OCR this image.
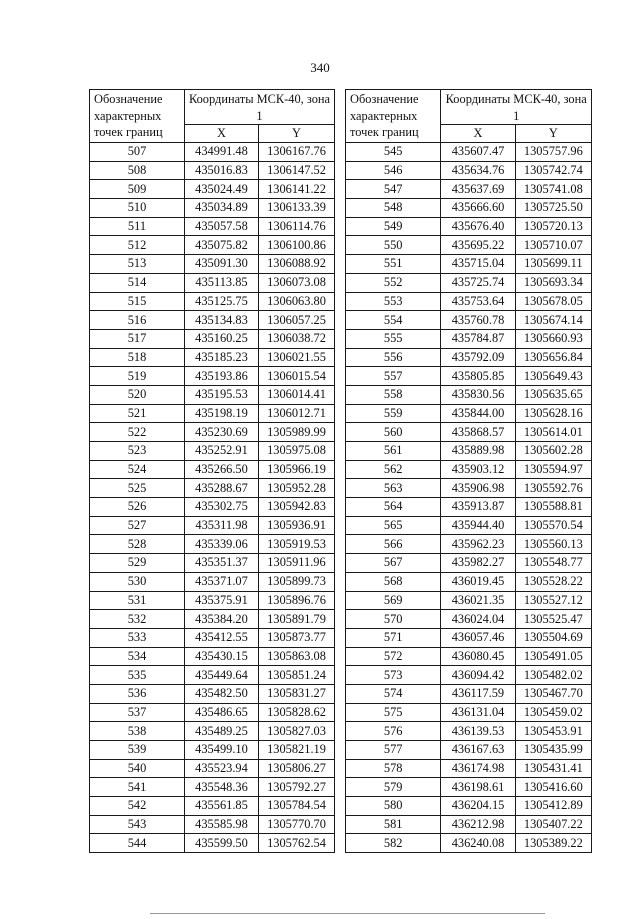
340
Обозначение характерных точек границ	Координаты МСК-40, зона 1	
	X	Y
507	434991.48	1306167.76
508	435016.83	1306147.52
509	435024.49	1306141.22
510	435034.89	1306133.39
511	435057.58	1306114.76
512	435075.82	1306100.86
513	435091.30	1306088.92
514	435113.85	1306073.08
515	435125.75	1306063.80
516	435134.83	1306057.25
517	435160.25	1306038.72
518	435185.23	1306021.55
519	435193.86	1306015.54
520	435195.53	1306014.41
521	435198.19	1306012.71
522	435230.69	1305989.99
523	435252.91	1305975.08
524	435266.50	1305966.19
525	435288.67	1305952.28
526	435302.75	1305942.83
527	435311.98	1305936.91
528	435339.06	1305919.53
529	435351.37	1305911.96
530	435371.07	1305899.73
531	435375.91	1305896.76
532	435384.20	1305891.79
533	435412.55	1305873.77
534	435430.15	1305863.08
535	435449.64	1305851.24
536	435482.50	1305831.27
537	435486.65	1305828.62
538	435489.25	1305827.03
539	435499.10	1305821.19
540	435523.94	1305806.27
541	435548.36	1305792.27
542	435561.85	1305784.54
543	435585.98	1305770.70
544	435599.50	1305762.54
Обозначение характерных точек границ	Координаты МСК-40, зона 1	
	X	Y
545	435607.47	1305757.96
546	435634.76	1305742.74
547	435637.69	1305741.08
548	435666.60	1305725.50
549	435676.40	1305720.13
550	435695.22	1305710.07
551	435715.04	1305699.11
552	435725.74	1305693.34
553	435753.64	1305678.05
554	435760.78	1305674.14
555	435784.87	1305660.93
556	435792.09	1305656.84
557	435805.85	1305649.43
558	435830.56	1305635.65
559	435844.00	1305628.16
560	435868.57	1305614.01
561	435889.98	1305602.28
562	435903.12	1305594.97
563	435906.98	1305592.76
564	435913.87	1305588.81
565	435944.40	1305570.54
566	435962.23	1305560.13
567	435982.27	1305548.77
568	436019.45	1305528.22
569	436021.35	1305527.12
570	436024.04	1305525.47
571	436057.46	1305504.69
572	436080.45	1305491.05
573	436094.42	1305482.02
574	436117.59	1305467.70
575	436131.04	1305459.02
576	436139.53	1305453.91
577	436167.63	1305435.99
578	436174.98	1305431.41
579	436198.61	1305416.60
580	436204.15	1305412.89
581	436212.98	1305407.22
582	436240.08	1305389.22
